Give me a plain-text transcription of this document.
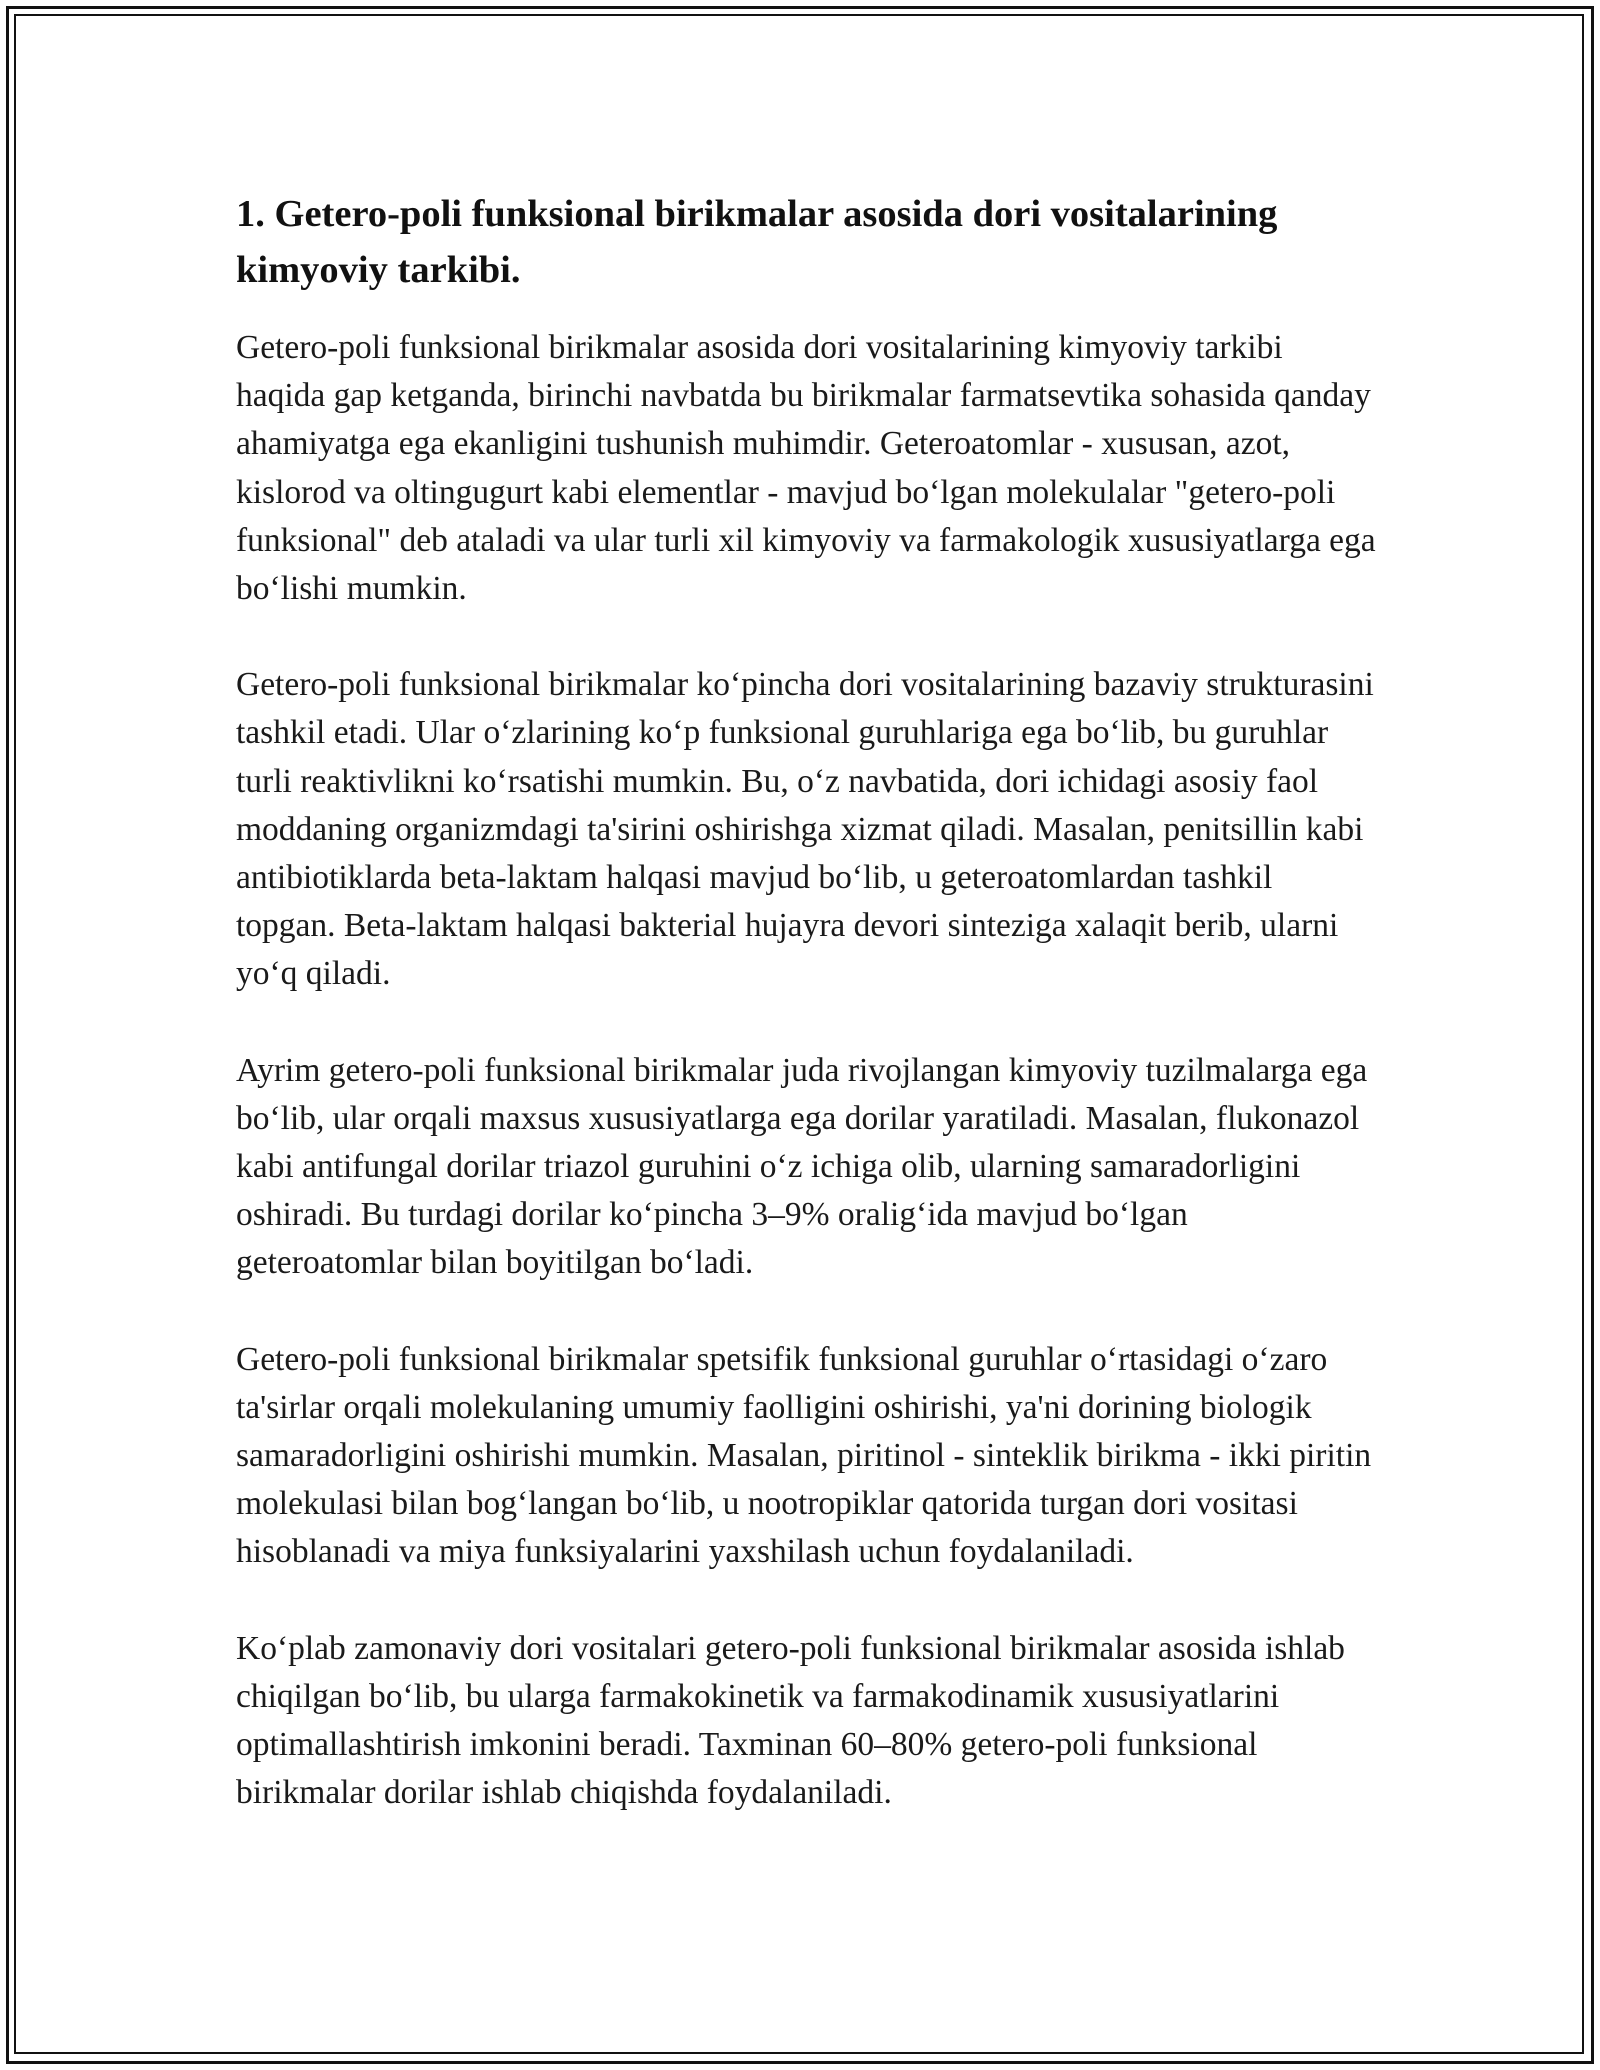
1. Getero-poli funksional birikmalar asosida dori vositalarining kimyoviy tarkibi.

Getero-poli funksional birikmalar asosida dori vositalarining kimyoviy tarkibi haqida gap ketganda, birinchi navbatda bu birikmalar farmatsevtika sohasida qanday ahamiyatga ega ekanligini tushunish muhimdir. Geteroatomlar - xususan, azot, kislorod va oltingugurt kabi elementlar - mavjud bo‘lgan molekulalar "getero-poli funksional" deb ataladi va ular turli xil kimyoviy va farmakologik xususiyatlarga ega bo‘lishi mumkin.

Getero-poli funksional birikmalar ko‘pincha dori vositalarining bazaviy strukturasini tashkil etadi. Ular o‘zlarining ko‘p funksional guruhlariga ega bo‘lib, bu guruhlar turli reaktivlikni ko‘rsatishi mumkin. Bu, o‘z navbatida, dori ichidagi asosiy faol moddaning organizmdagi ta'sirini oshirishga xizmat qiladi. Masalan, penitsillin kabi antibiotiklarda beta-laktam halqasi mavjud bo‘lib, u geteroatomlardan tashkil topgan. Beta-laktam halqasi bakterial hujayra devori sinteziga xalaqit berib, ularni yo‘q qiladi.

Ayrim getero-poli funksional birikmalar juda rivojlangan kimyoviy tuzilmalarga ega bo‘lib, ular orqali maxsus xususiyatlarga ega dorilar yaratiladi. Masalan, flukonazol kabi antifungal dorilar triazol guruhini o‘z ichiga olib, ularning samaradorligini oshiradi. Bu turdagi dorilar ko‘pincha 3–9% oralig‘ida mavjud bo‘lgan geteroatomlar bilan boyitilgan bo‘ladi.

Getero-poli funksional birikmalar spetsifik funksional guruhlar o‘rtasidagi o‘zaro ta'sirlar orqali molekulaning umumiy faolligini oshirishi, ya'ni dorining biologik samaradorligini oshirishi mumkin. Masalan, piritinol - sinteklik birikma - ikki piritin molekulasi bilan bog‘langan bo‘lib, u nootropiklar qatorida turgan dori vositasi hisoblanadi va miya funksiyalarini yaxshilash uchun foydalaniladi.

Ko‘plab zamonaviy dori vositalari getero-poli funksional birikmalar asosida ishlab chiqilgan bo‘lib, bu ularga farmakokinetik va farmakodinamik xususiyatlarini optimallashtirish imkonini beradi. Taxminan 60–80% getero-poli funksional birikmalar dorilar ishlab chiqishda foydalaniladi.
